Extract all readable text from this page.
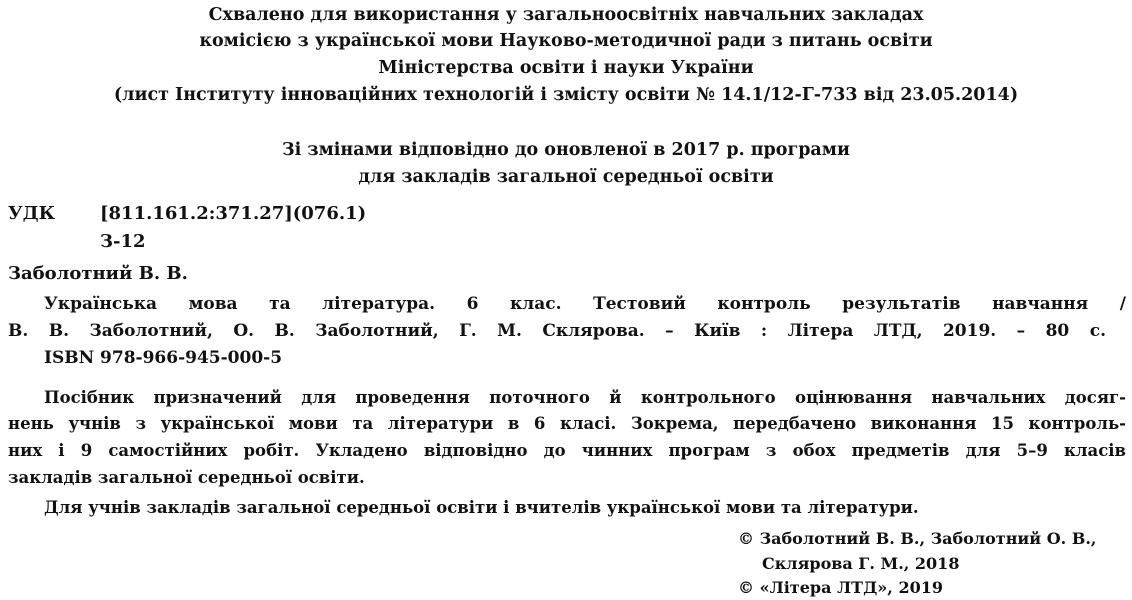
Схвалено для використання у загальноосвітніх навчальних закладах
комісією з української мови Науково-методичної ради з питань освіти
Міністерства освіти і науки України
(лист Інституту інноваційних технологій і змісту освіти № 14.1/12-Г-733 від 23.05.2014)
Зі змінами відповідно до оновленої в 2017 р. програми
для закладів загальної середньої освіти
УДК	[811.161.2:371.27](076.1)
З-12
Заболотний В. В.
Українська мова та література. 6 клас. Тестовий контроль результатів навчання /
В. В. Заболотний, О. В. Заболотний, Г. М. Склярова. – Київ : Літера ЛТД, 2019. – 80 с.
ISBN 978-966-945-000-5
Посібник призначений для проведення поточного й контрольного оцінювання навчальних досяг-
нень учнів з української мови та літератури в 6 класі. Зокрема, передбачено виконання 15 контроль-
них і 9 самостійних робіт. Укладено відповідно до чинних програм з обох предметів для 5–9 класів
закладів загальної середньої освіти.
Для учнів закладів загальної середньої освіти і вчителів української мови та літератури.
© Заболотний В. В., Заболотний О. В.,
Склярова Г. М., 2018
© «Літера ЛТД», 2019
